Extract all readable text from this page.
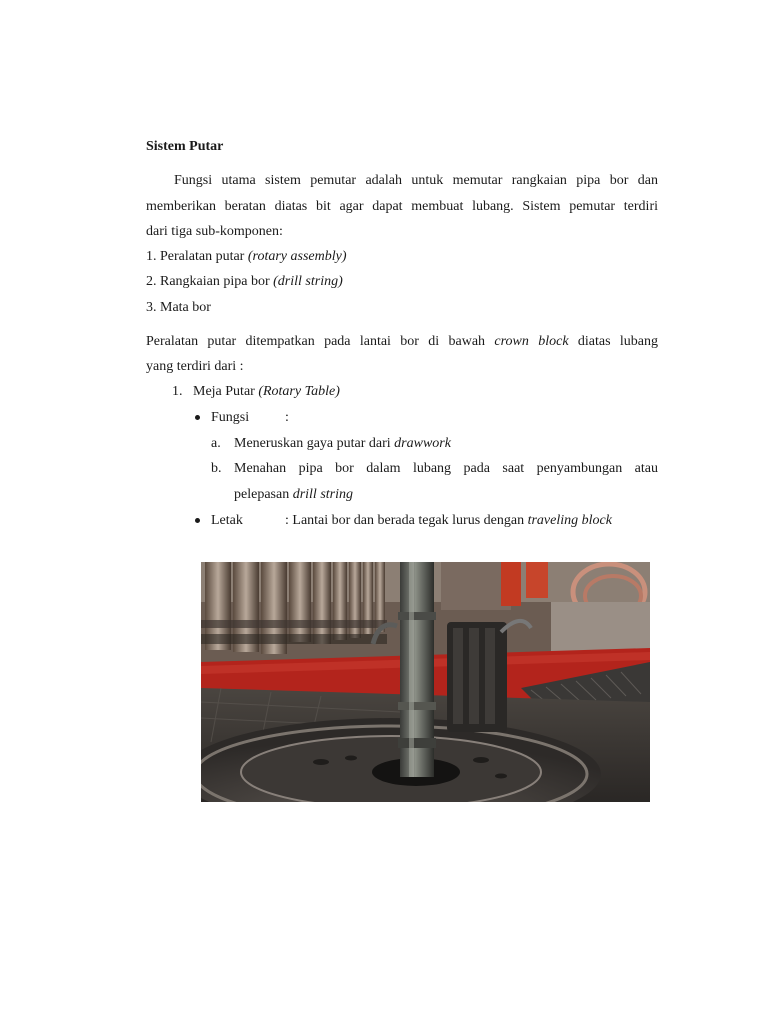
Sistem Putar
Fungsi utama sistem pemutar adalah untuk memutar rangkaian pipa bor dan
memberikan beratan diatas bit agar dapat membuat lubang. Sistem pemutar terdiri
dari tiga sub-komponen:
1. Peralatan putar (rotary assembly)
2. Rangkaian pipa bor (drill string)
3. Mata bor
Peralatan putar ditempatkan pada lantai bor di bawah crown block diatas lubang
yang terdiri dari :
1. Meja Putar (Rotary Table)
Fungsi	:
a. Meneruskan gaya putar dari drawwork
b. Menahan pipa bor dalam lubang pada saat penyambungan atau
pelepasan drill string
Letak	: Lantai bor dan berada tegak lurus dengan traveling block
